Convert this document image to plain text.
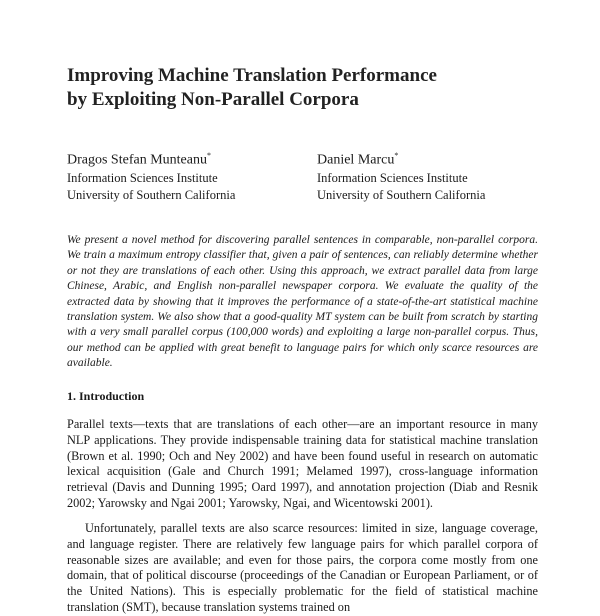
Improving Machine Translation Performance
by Exploiting Non-Parallel Corpora
Dragos Stefan Munteanu*
Information Sciences Institute
University of Southern California
Daniel Marcu*
Information Sciences Institute
University of Southern California

We present a novel method for discovering parallel sentences in comparable, non-parallel corpora. We train a maximum entropy classifier that, given a pair of sentences, can reliably determine whether or not they are translations of each other. Using this approach, we extract parallel data from large Chinese, Arabic, and English non-parallel newspaper corpora. We evaluate the quality of the extracted data by showing that it improves the performance of a state-of-the-art statistical machine translation system. We also show that a good-quality MT system can be built from scratch by starting with a very small parallel corpus (100,000 words) and exploiting a large non-parallel corpus. Thus, our method can be applied with great benefit to language pairs for which only scarce resources are available.

1. Introduction

Parallel texts—texts that are translations of each other—are an important resource in many NLP applications. They provide indispensable training data for statistical machine translation (Brown et al. 1990; Och and Ney 2002) and have been found useful in research on automatic lexical acquisition (Gale and Church 1991; Melamed 1997), cross-language information retrieval (Davis and Dunning 1995; Oard 1997), and annotation projection (Diab and Resnik 2002; Yarowsky and Ngai 2001; Yarowsky, Ngai, and Wicentowski 2001).

Unfortunately, parallel texts are also scarce resources: limited in size, language coverage, and language register. There are relatively few language pairs for which parallel corpora of reasonable sizes are available; and even for those pairs, the corpora come mostly from one domain, that of political discourse (proceedings of the Canadian or European Parliament, or of the United Nations). This is especially problematic for the field of statistical machine translation (SMT), because translation systems trained on
